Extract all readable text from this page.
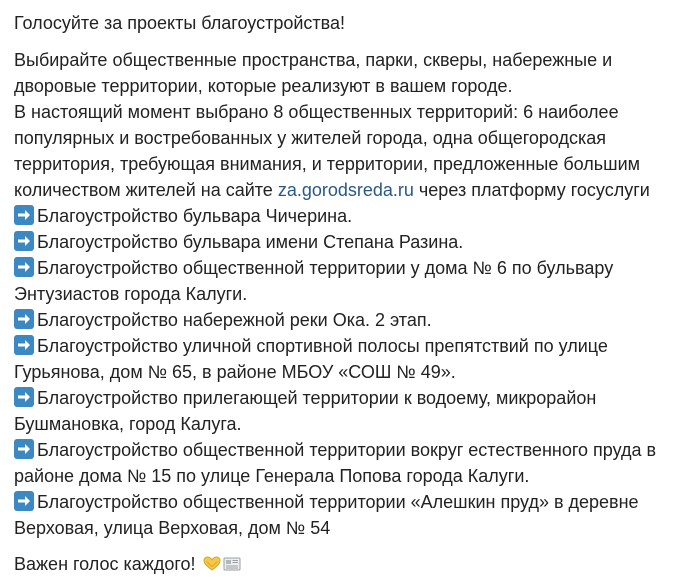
Голосуйте за проекты благоустройства!

Выбирайте общественные пространства, парки, скверы, набережные и
дворовые территории, которые реализуют в вашем городе.
В настоящий момент выбрано 8 общественных территорий: 6 наиболее
популярных и востребованных у жителей города, одна общегородская
территория, требующая внимания, и территории, предложенные большим
количеством жителей на сайте za.gorodsreda.ru через платформу госуслуги

Благоустройство бульвара Чичерина.
Благоустройство бульвара имени Степана Разина.
Благоустройство общественной территории у дома № 6 по бульвару
Энтузиастов города Калуги.
Благоустройство набережной реки Ока. 2 этап.
Благоустройство уличной спортивной полосы препятствий по улице
Гурьянова, дом № 65, в районе МБОУ «СОШ № 49».
Благоустройство прилегающей территории к водоему, микрорайон
Бушмановка, город Калуга.
Благоустройство общественной территории вокруг естественного пруда в
районе дома № 15 по улице Генерала Попова города Калуги.
Благоустройство общественной территории «Алешкин пруд» в деревне
Верховая, улица Верховая, дом № 54

Важен голос каждого!
